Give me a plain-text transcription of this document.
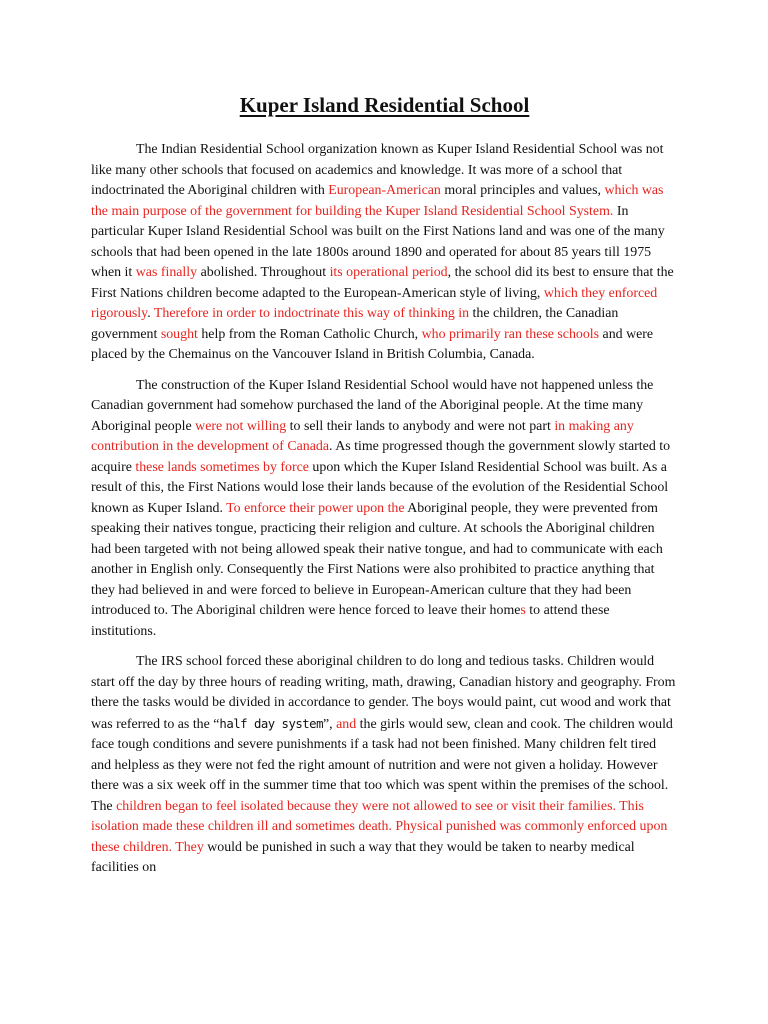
Kuper Island Residential School

The Indian Residential School organization known as Kuper Island Residential School was not like many other schools that focused on academics and knowledge. It was more of a school that indoctrinated the Aboriginal children with European-American moral principles and values, which was the main purpose of the government for building the Kuper Island Residential School System. In particular Kuper Island Residential School was built on the First Nations land and was one of the many schools that had been opened in the late 1800s around 1890 and operated for about 85 years till 1975 when it was finally abolished. Throughout its operational period, the school did its best to ensure that the First Nations children become adapted to the European-American style of living, which they enforced rigorously. Therefore in order to indoctrinate this way of thinking in the children, the Canadian government sought help from the Roman Catholic Church, who primarily ran these schools and were placed by the Chemainus on the Vancouver Island in British Columbia, Canada.

The construction of the Kuper Island Residential School would have not happened unless the Canadian government had somehow purchased the land of the Aboriginal people. At the time many Aboriginal people were not willing to sell their lands to anybody and were not part in making any contribution in the development of Canada. As time progressed though the government slowly started to acquire these lands sometimes by force upon which the Kuper Island Residential School was built. As a result of this, the First Nations would lose their lands because of the evolution of the Residential School known as Kuper Island. To enforce their power upon the Aboriginal people, they were prevented from speaking their natives tongue, practicing their religion and culture. At schools the Aboriginal children had been targeted with not being allowed speak their native tongue, and had to communicate with each another in English only. Consequently the First Nations were also prohibited to practice anything that they had believed in and were forced to believe in European-American culture that they had been introduced to. The Aboriginal children were hence forced to leave their homes to attend these institutions.

The IRS school forced these aboriginal children to do long and tedious tasks. Children would start off the day by three hours of reading writing, math, drawing, Canadian history and geography. From there the tasks would be divided in accordance to gender. The boys would paint, cut wood and work that was referred to as the “half day system”, and the girls would sew, clean and cook. The children would face tough conditions and severe punishments if a task had not been finished. Many children felt tired and helpless as they were not fed the right amount of nutrition and were not given a holiday. However there was a six week off in the summer time that too which was spent within the premises of the school. The children began to feel isolated because they were not allowed to see or visit their families. This isolation made these children ill and sometimes death. Physical punished was commonly enforced upon these children. They would be punished in such a way that they would be taken to nearby medical facilities on
